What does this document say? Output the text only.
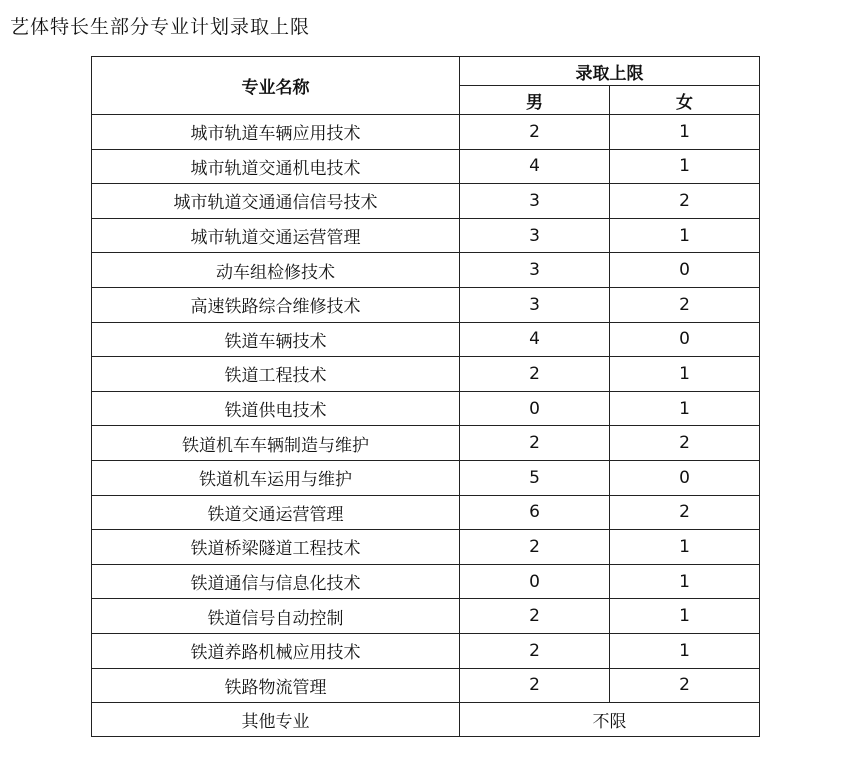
艺体特长生部分专业计划录取上限
专业名称	录取上限	
	男	女
城市轨道车辆应用技术	2	1
城市轨道交通机电技术	4	1
城市轨道交通通信信号技术	3	2
城市轨道交通运营管理	3	1
动车组检修技术	3	0
高速铁路综合维修技术	3	2
铁道车辆技术	4	0
铁道工程技术	2	1
铁道供电技术	0	1
铁道机车车辆制造与维护	2	2
铁道机车运用与维护	5	0
铁道交通运营管理	6	2
铁道桥梁隧道工程技术	2	1
铁道通信与信息化技术	0	1
铁道信号自动控制	2	1
铁道养路机械应用技术	2	1
铁路物流管理	2	2
其他专业	不限	
